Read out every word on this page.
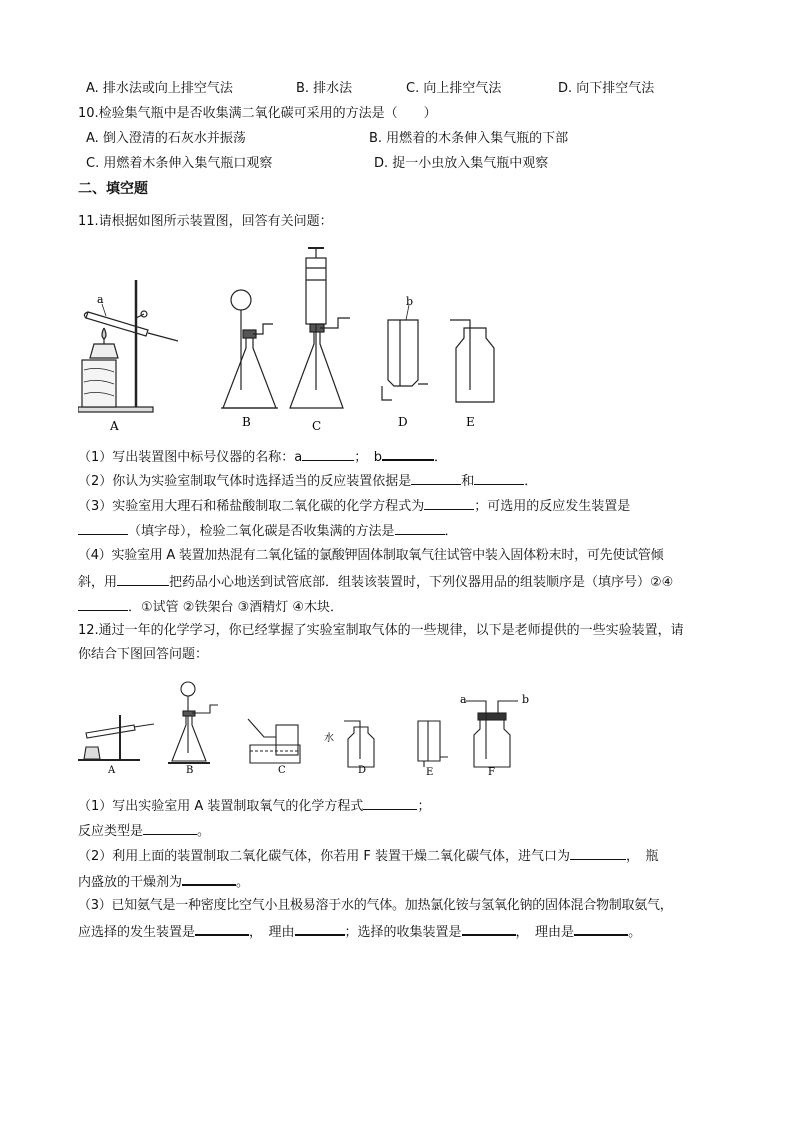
A. 排水法或向上排空气法	B. 排水法	C. 向上排空气法	D. 向下排空气法
10.检验集气瓶中是否收集满二氧化碳可采用的方法是（　　）
A. 倒入澄清的石灰水并振荡	B. 用燃着的木条伸入集气瓶的下部
C. 用燃着木条伸入集气瓶口观察	D. 捉一小虫放入集气瓶中观察
二、填空题
11.请根据如图所示装置图，回答有关问题：
a	b
A	B	C	D	E
（1）写出装置图中标号仪器的名称：a	；　b	．
（2）你认为实验室制取气体时选择适当的反应装置依据是	和	．
（3）实验室用大理石和稀盐酸制取二氧化碳的化学方程式为	；可选用的反应发生装置是
（填字母），检验二氧化碳是否收集满的方法是	．
（4）实验室用 A 装置加热混有二氧化锰的氯酸钾固体制取氧气往试管中装入固体粉末时，可先使试管倾
斜，用	把药品小心地送到试管底部．组装该装置时，下列仪器用品的组装顺序是（填序号）②④
．①试管 ②铁架台 ③酒精灯 ④木块．
12.通过一年的化学学习，你已经掌握了实验室制取气体的一些规律，以下是老师提供的一些实验装置，请
你结合下图回答问题：
水
a	b
A	B	C	D	E	F
（1）写出实验室用 A 装置制取氧气的化学方程式	；
反应类型是	。
（2）利用上面的装置制取二氧化碳气体，你若用 F 装置干燥二氧化碳气体，进气口为	，　瓶
内盛放的干燥剂为	。
（3）已知氨气是一种密度比空气小且极易溶于水的气体。加热氯化铵与氢氧化钠的固体混合物制取氨气，
应选择的发生装置是	，　理由	；选择的收集装置是	，　理由是	。
